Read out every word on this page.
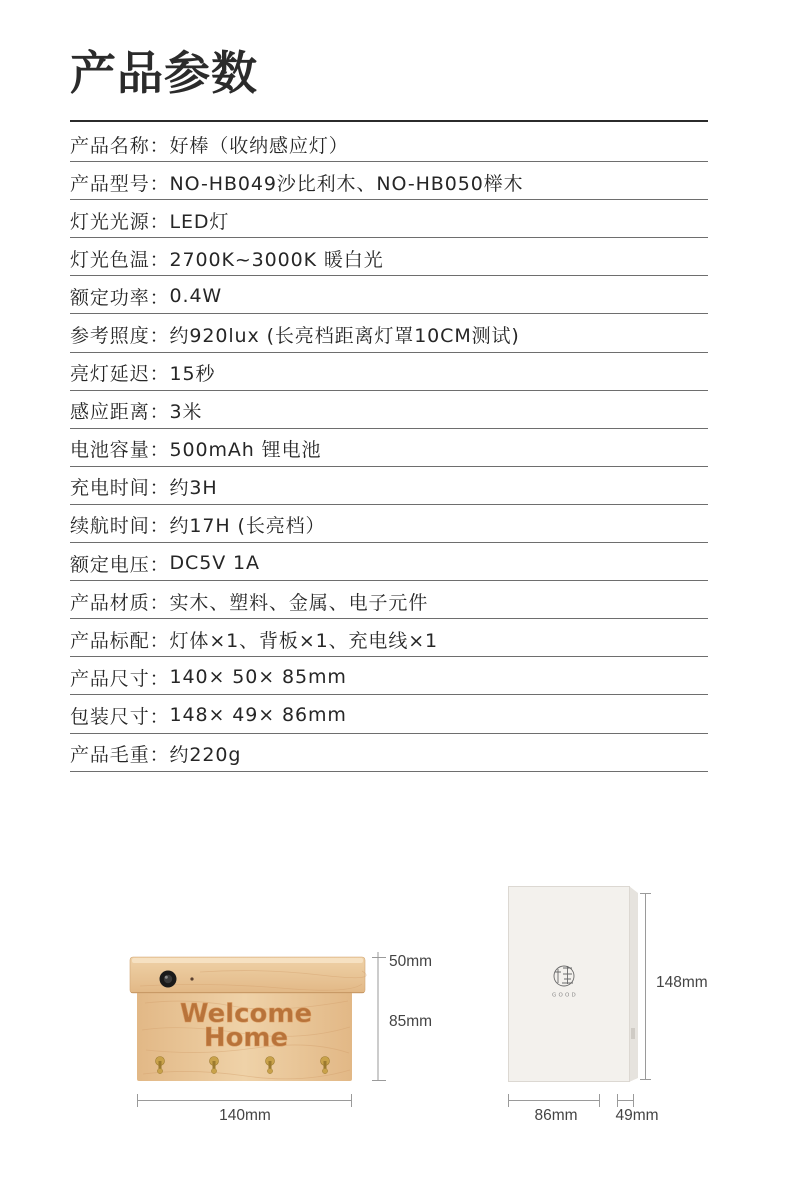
产品参数
产品名称： 好棒（收纳感应灯）
产品型号： NO-HB049沙比利木、NO-HB050榉木
灯光光源： LED灯
灯光色温： 2700K~3000K 暖白光
额定功率： 0.4W
参考照度： 约920lux (长亮档距离灯罩10CM测试)
亮灯延迟： 15秒
感应距离： 3米
电池容量： 500mAh 锂电池
充电时间： 约3H
续航时间： 约17H (长亮档）
额定电压： DC5V 1A
产品材质： 实木、塑料、金属、电子元件
产品标配： 灯体×1、背板×1、充电线×1
产品尺寸： 140× 50× 85mm
包装尺寸： 148× 49× 86mm
产品毛重： 约220g
Welcome
Home
50mm
85mm
140mm
GOOD
148mm
86mm 49mm
